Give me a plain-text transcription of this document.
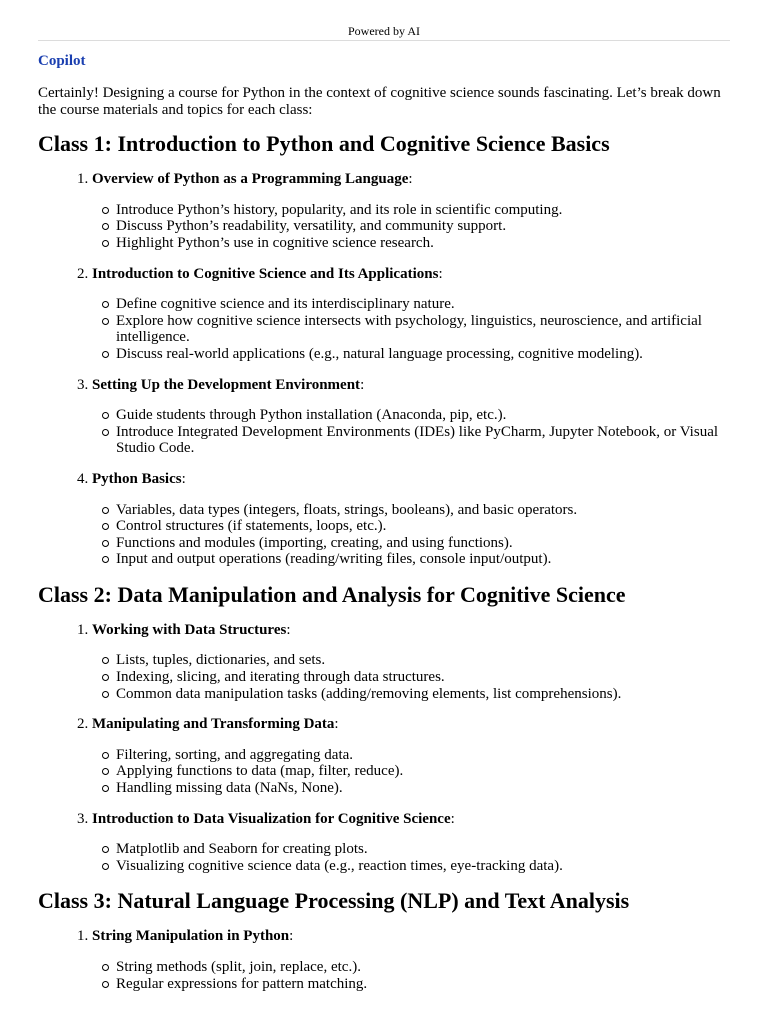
Powered by AI
Copilot

Certainly! Designing a course for Python in the context of cognitive science sounds fascinating. Let’s break down the course materials and topics for each class:

Class 1: Introduction to Python and Cognitive Science Basics
1. Overview of Python as a Programming Language:
Introduce Python’s history, popularity, and its role in scientific computing.
Discuss Python’s readability, versatility, and community support.
Highlight Python’s use in cognitive science research.
2. Introduction to Cognitive Science and Its Applications:
Define cognitive science and its interdisciplinary nature.
Explore how cognitive science intersects with psychology, linguistics, neuroscience, and artificial intelligence.
Discuss real-world applications (e.g., natural language processing, cognitive modeling).
3. Setting Up the Development Environment:
Guide students through Python installation (Anaconda, pip, etc.).
Introduce Integrated Development Environments (IDEs) like PyCharm, Jupyter Notebook, or Visual Studio Code.
4. Python Basics:
Variables, data types (integers, floats, strings, booleans), and basic operators.
Control structures (if statements, loops, etc.).
Functions and modules (importing, creating, and using functions).
Input and output operations (reading/writing files, console input/output).
Class 2: Data Manipulation and Analysis for Cognitive Science
1. Working with Data Structures:
Lists, tuples, dictionaries, and sets.
Indexing, slicing, and iterating through data structures.
Common data manipulation tasks (adding/removing elements, list comprehensions).
2. Manipulating and Transforming Data:
Filtering, sorting, and aggregating data.
Applying functions to data (map, filter, reduce).
Handling missing data (NaNs, None).
3. Introduction to Data Visualization for Cognitive Science:
Matplotlib and Seaborn for creating plots.
Visualizing cognitive science data (e.g., reaction times, eye-tracking data).
Class 3: Natural Language Processing (NLP) and Text Analysis
1. String Manipulation in Python:
String methods (split, join, replace, etc.).
Regular expressions for pattern matching.
